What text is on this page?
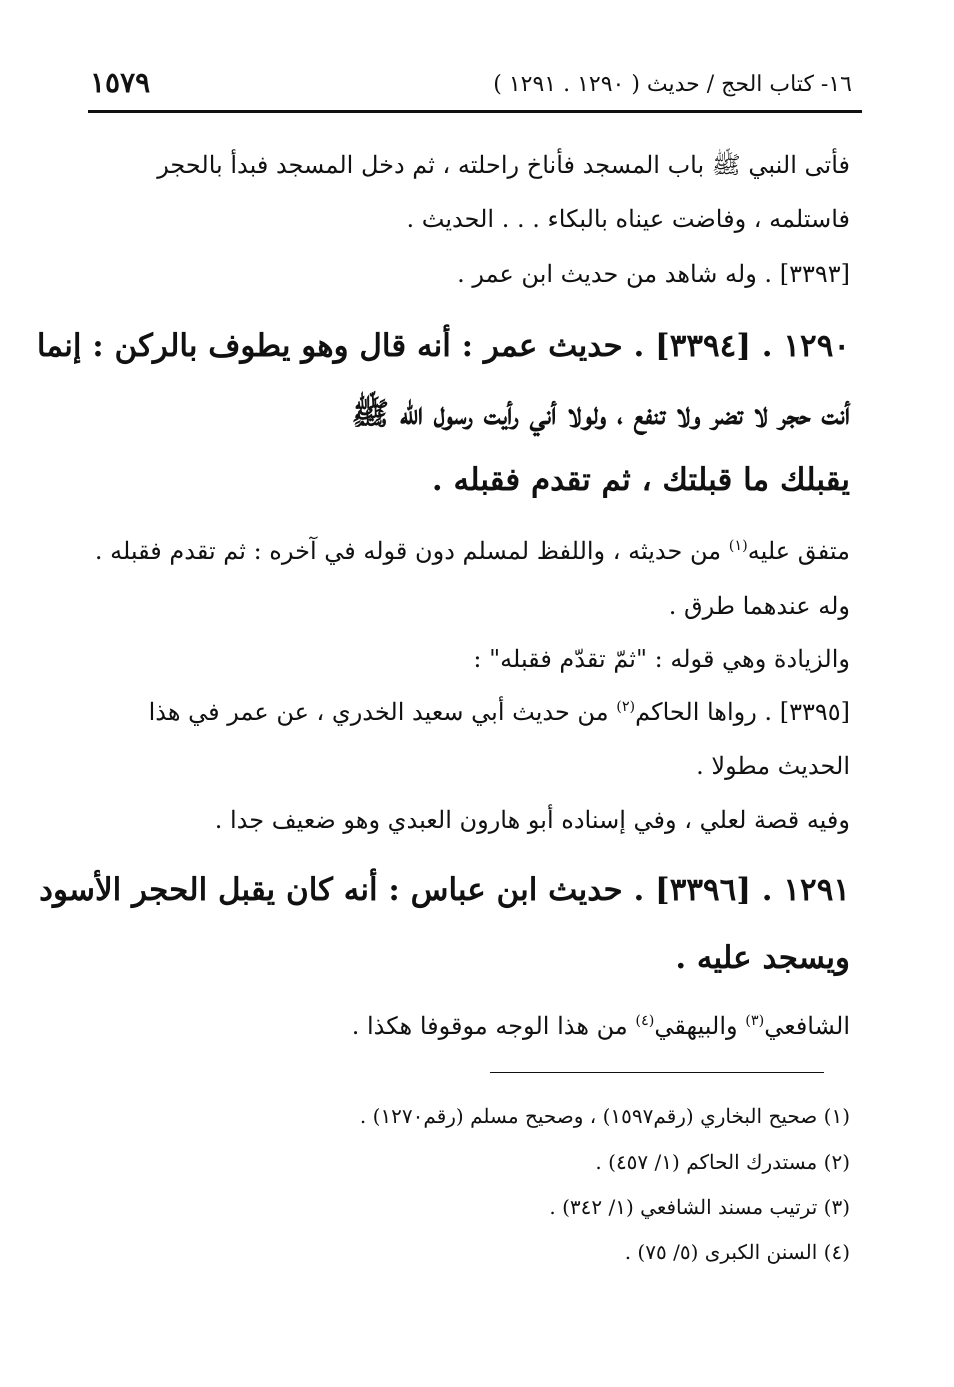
١٦- كتاب الحج / حديث ( ١٢٩٠ . ١٢٩١ )
١٥٧٩
فأتى النبي ﷺ باب المسجد فأناخ راحلته ، ثم دخل المسجد فبدأ بالحجر
فاستلمه ، وفاضت عيناه بالبكاء . . . الحديث .
[٣٣٩٣] . وله شاهد من حديث ابن عمر .
١٢٩٠ . [٣٣٩٤] . حديث عمر : أنه قال وهو يطوف بالركن : إنما
أنت حجر لا تضر ولا تنفع ، ولولا أني رأيت رسول الله ﷺ
يقبلك ما قبلتك ، ثم تقدم فقبله .
متفق عليه$^{(١)}$ من حديثه ، واللفظ لمسلم دون قوله في آخره : ثم تقدم فقبله .
وله عندهما طرق .
والزيادة وهي قوله : "ثمّ تقدّم فقبله" :
[٣٣٩٥] . رواها الحاكم$^{(٢)}$ من حديث أبي سعيد الخدري ، عن عمر في هذا
الحديث مطولا .
وفيه قصة لعلي ، وفي إسناده أبو هارون العبدي وهو ضعيف جدا .
١٢٩١ . [٣٣٩٦] . حديث ابن عباس : أنه كان يقبل الحجر الأسود
ويسجد عليه .
الشافعي$^{(٣)}$ والبيهقي$^{(٤)}$ من هذا الوجه موقوفا هكذا .
(١) صحيح البخاري (رقم١٥٩٧) ، وصحيح مسلم (رقم١٢٧٠) .
(٢) مستدرك الحاكم (١/ ٤٥٧) .
(٣) ترتيب مسند الشافعي (١/ ٣٤٢) .
(٤) السنن الكبرى (٥/ ٧٥) .
